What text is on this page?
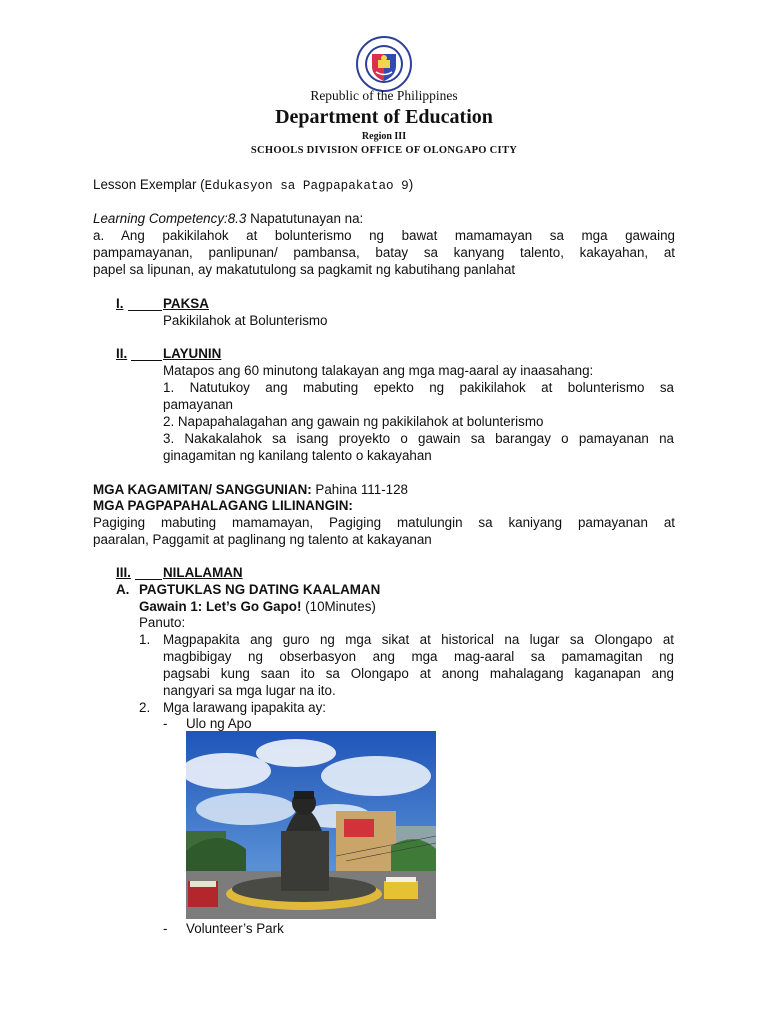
Republic of the Philippines
Department of Education
Region III
SCHOOLS DIVISION OFFICE OF OLONGAPO CITY
Lesson Exemplar (Edukasyon sa Pagpapakatao 9)
Learning Competency:8.3 Napatutunayan na:
a. Ang pakikilahok at bolunterismo ng bawat mamamayan sa mga gawaing
pampamayanan, panlipunan/ pambansa, batay sa kanyang talento, kakayahan, at
papel sa lipunan, ay makatutulong sa pagkamit ng kabutihang panlahat
I.	PAKSA
Pakikilahok at Bolunterismo
II.	LAYUNIN
Matapos ang 60 minutong talakayan ang mga mag-aaral ay inaasahang:
1. Natutukoy ang mabuting epekto ng pakikilahok at bolunterismo sa
pamayanan
2. Napapahalagahan ang gawain ng pakikilahok at bolunterismo
3. Nakakalahok sa isang proyekto o gawain sa barangay o pamayanan na
ginagamitan ng kanilang talento o kakayahan
MGA KAGAMITAN/ SANGGUNIAN: Pahina 111-128
MGA PAGPAPAHALAGANG LILINANGIN:
Pagiging mabuting mamamayan, Pagiging matulungin sa kaniyang pamayanan at
paaralan, Paggamit at paglinang ng talento at kakayanan
III. NILALAMAN
A. PAGTUKLAS NG DATING KAALAMAN
Gawain 1: Let’s Go Gapo! (10Minutes)
Panuto:
1. Magpapakita ang guro ng mga sikat at historical na lugar sa Olongapo at
magbibigay ng obserbasyon ang mga mag-aaral sa pamamagitan ng
pagsabi kung saan ito sa Olongapo at anong mahalagang kaganapan ang
nangyari sa mga lugar na ito.
2. Mga larawang ipapakita ay:
- Ulo ng Apo
- Volunteer’s Park
